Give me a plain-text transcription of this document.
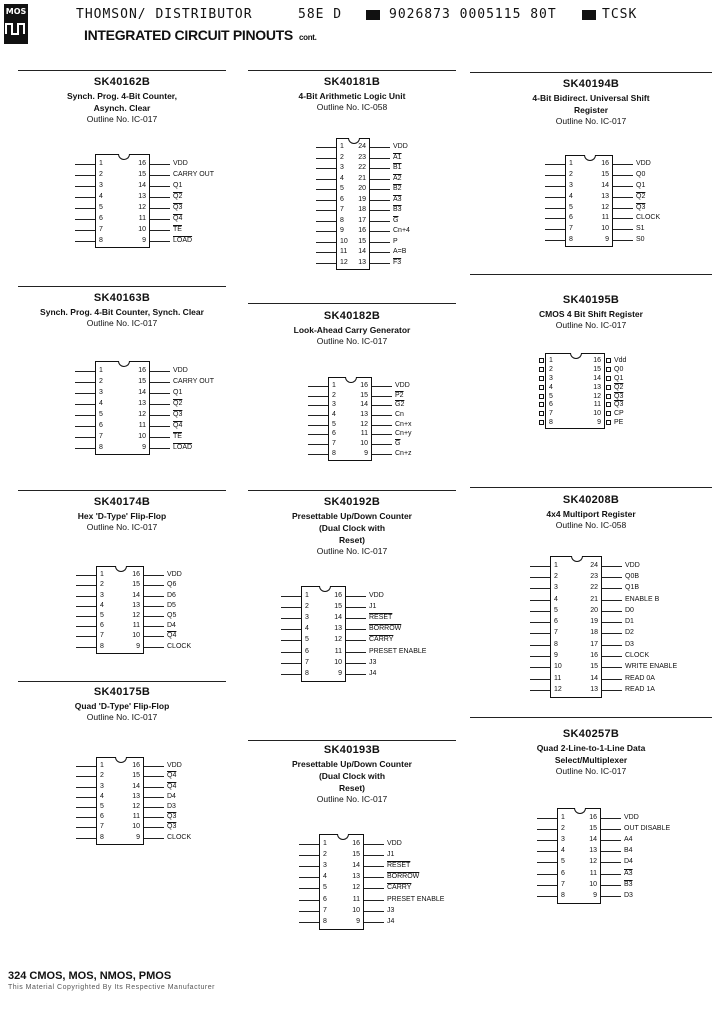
MOS	THOMSON/ DISTRIBUTOR	58E D	9026873 0005115 80T	TCSK
INTEGRATED CIRCUIT PINOUTS cont.
SK40162B
Synch. Prog. 4-Bit Counter,
Asynch. Clear
Outline No. IC-017
1	16	VDD
2	15	CARRY OUT
3	14	Q1
4	13	Q2
5	12	Q3
6	11	Q4
7	10	$\overline{TE}$
8	9	LOAD
SK40163B
Synch. Prog. 4-Bit Counter, Synch. Clear
Outline No. IC-017
1	16	VDD
2	15	CARRY OUT
3	14	Q1
4	13	Q2
5	12	Q3
6	11	Q4
7	10	$\overline{TE}$
8	9	LOAD
SK40174B
Hex 'D-Type' Flip-Flop
Outline No. IC-017
1	16	VDD
2	15	Q6
3	14	D6
4	13	D5
5	12	Q5
6	11	D4
7	10	Q4
8	9	CLOCK
SK40175B
Quad 'D-Type' Flip-Flop
Outline No. IC-017
1	16	VDD
2	15	Q4
3	14	Q4
4	13	D4
5	12	D3
6	11	Q3
7	10	Q3
8	9	CLOCK
SK40181B
4-Bit Arithmetic Logic Unit
Outline No. IC-058
1	24	VDD
2	23	A1
3	22	B1
4	21	A2
5	20	B2
6	19	A3
7	18	B3
8	17	$\overline{G}$
9	16	Cn+4
10	15	P
11	14	A=B
12	13	F3
SK40182B
Look-Ahead Carry Generator
Outline No. IC-017
1	16	VDD
2	15	P2
3	14	G2
4	13	Cn
5	12	Cn+x
6	11	Cn+y
7	10	$\overline{G}$
8	9	Cn+z
SK40192B
Presettable Up/Down Counter
(Dual Clock with
Reset)
Outline No. IC-017
1	16	VDD
2	15	J1
3	14	RESET
4	13	BORROW
5	12	CARRY
6	11	PRESET ENABLE
7	10	J3
8	9	J4
SK40193B
Presettable Up/Down Counter
(Dual Clock with
Reset)
Outline No. IC-017
1	16	VDD
2	15	J1
3	14	RESET
4	13	BORROW
5	12	CARRY
6	11	PRESET ENABLE
7	10	J3
8	9	J4
SK40194B
4-Bit Bidirect. Universal Shift
Register
Outline No. IC-017
1	16	VDD
2	15	Q0
3	14	Q1
4	13	Q2
5	12	Q3
6	11	CLOCK
7	10	S1
8	9	S0
SK40195B
CMOS 4 Bit Shift Register
Outline No. IC-017
1	16 Vdd
2	15 Q0
3	14 Q1
4	13 Q2
5	12 Q3
6	11 Q3
7	10 CP
8	9 PE
SK40208B
4x4 Multiport Register
Outline No. IC-058
1	24	VDD
2	23	Q0B
3	22	Q1B
4	21	ENABLE B
5	20	D0
6	19	D1
7	18	D2
8	17	D3
9	16	CLOCK
10	15	WRITE ENABLE
11	14	READ 0A
12	13	READ 1A
SK40257B
Quad 2-Line-to-1-Line Data
Select/Multiplexer
Outline No. IC-017
1	16	VDD
2	15	OUT DISABLE
3	14	A4
4	13	B4
5	12	D4
6	11	A3
7	10	B3
8	9	D3
324 CMOS, MOS, NMOS, PMOS
This Material Copyrighted By Its Respective Manufacturer
